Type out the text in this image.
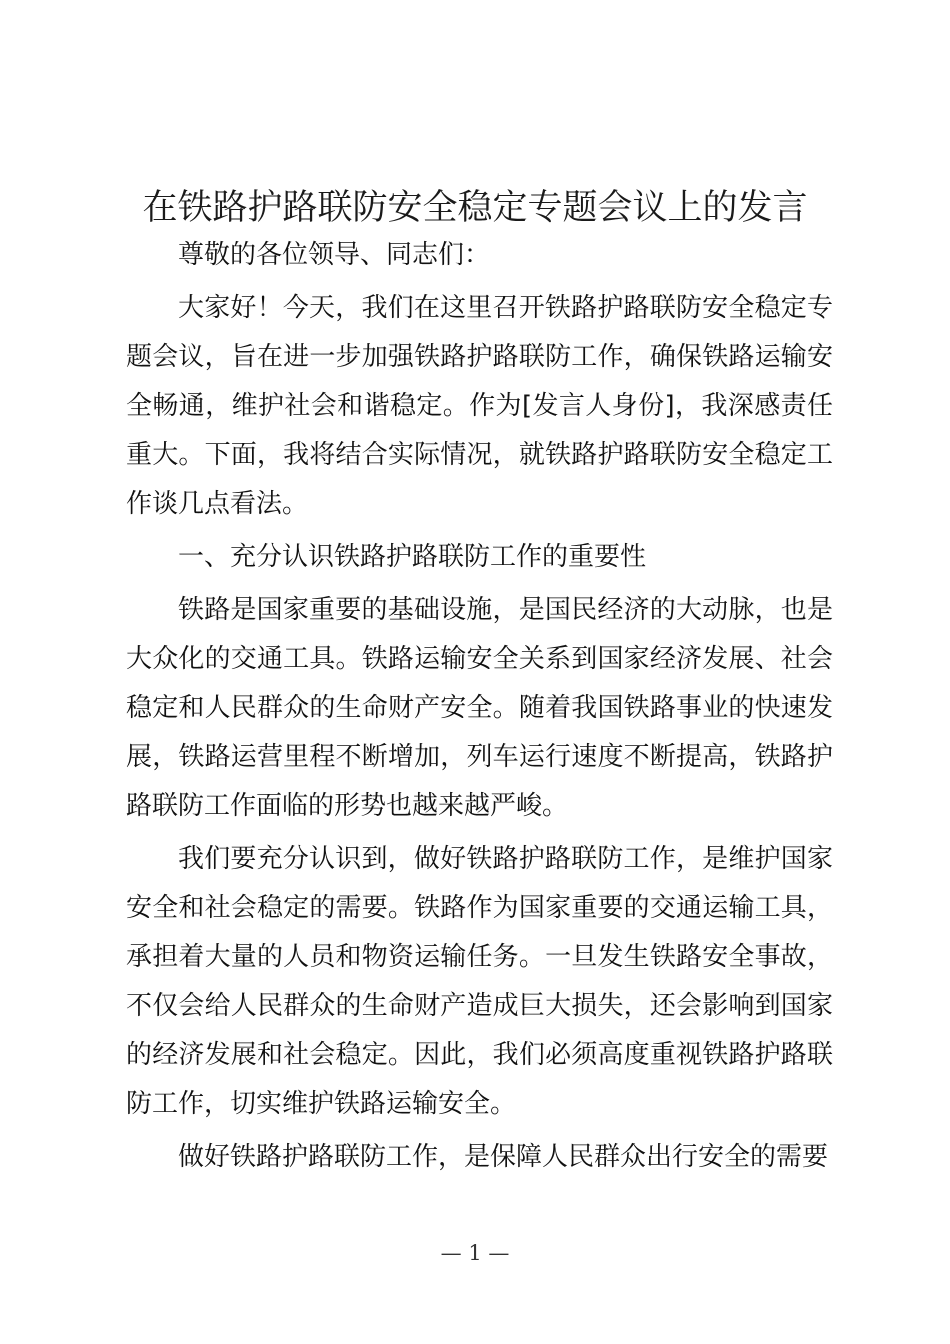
在铁路护路联防安全稳定专题会议上的发言

尊敬的各位领导、同志们：

大家好！今天，我们在这里召开铁路护路联防安全稳定专题会议，旨在进一步加强铁路护路联防工作，确保铁路运输安全畅通，维护社会和谐稳定。作为[发言人身份]，我深感责任重大。下面，我将结合实际情况，就铁路护路联防安全稳定工作谈几点看法。

一、充分认识铁路护路联防工作的重要性

铁路是国家重要的基础设施，是国民经济的大动脉，也是大众化的交通工具。铁路运输安全关系到国家经济发展、社会稳定和人民群众的生命财产安全。随着我国铁路事业的快速发展，铁路运营里程不断增加，列车运行速度不断提高，铁路护路联防工作面临的形势也越来越严峻。

我们要充分认识到，做好铁路护路联防工作，是维护国家安全和社会稳定的需要。铁路作为国家重要的交通运输工具，承担着大量的人员和物资运输任务。一旦发生铁路安全事故，不仅会给人民群众的生命财产造成巨大损失，还会影响到国家的经济发展和社会稳定。因此，我们必须高度重视铁路护路联防工作，切实维护铁路运输安全。

做好铁路护路联防工作，是保障人民群众出行安全的需要

— 1 —
